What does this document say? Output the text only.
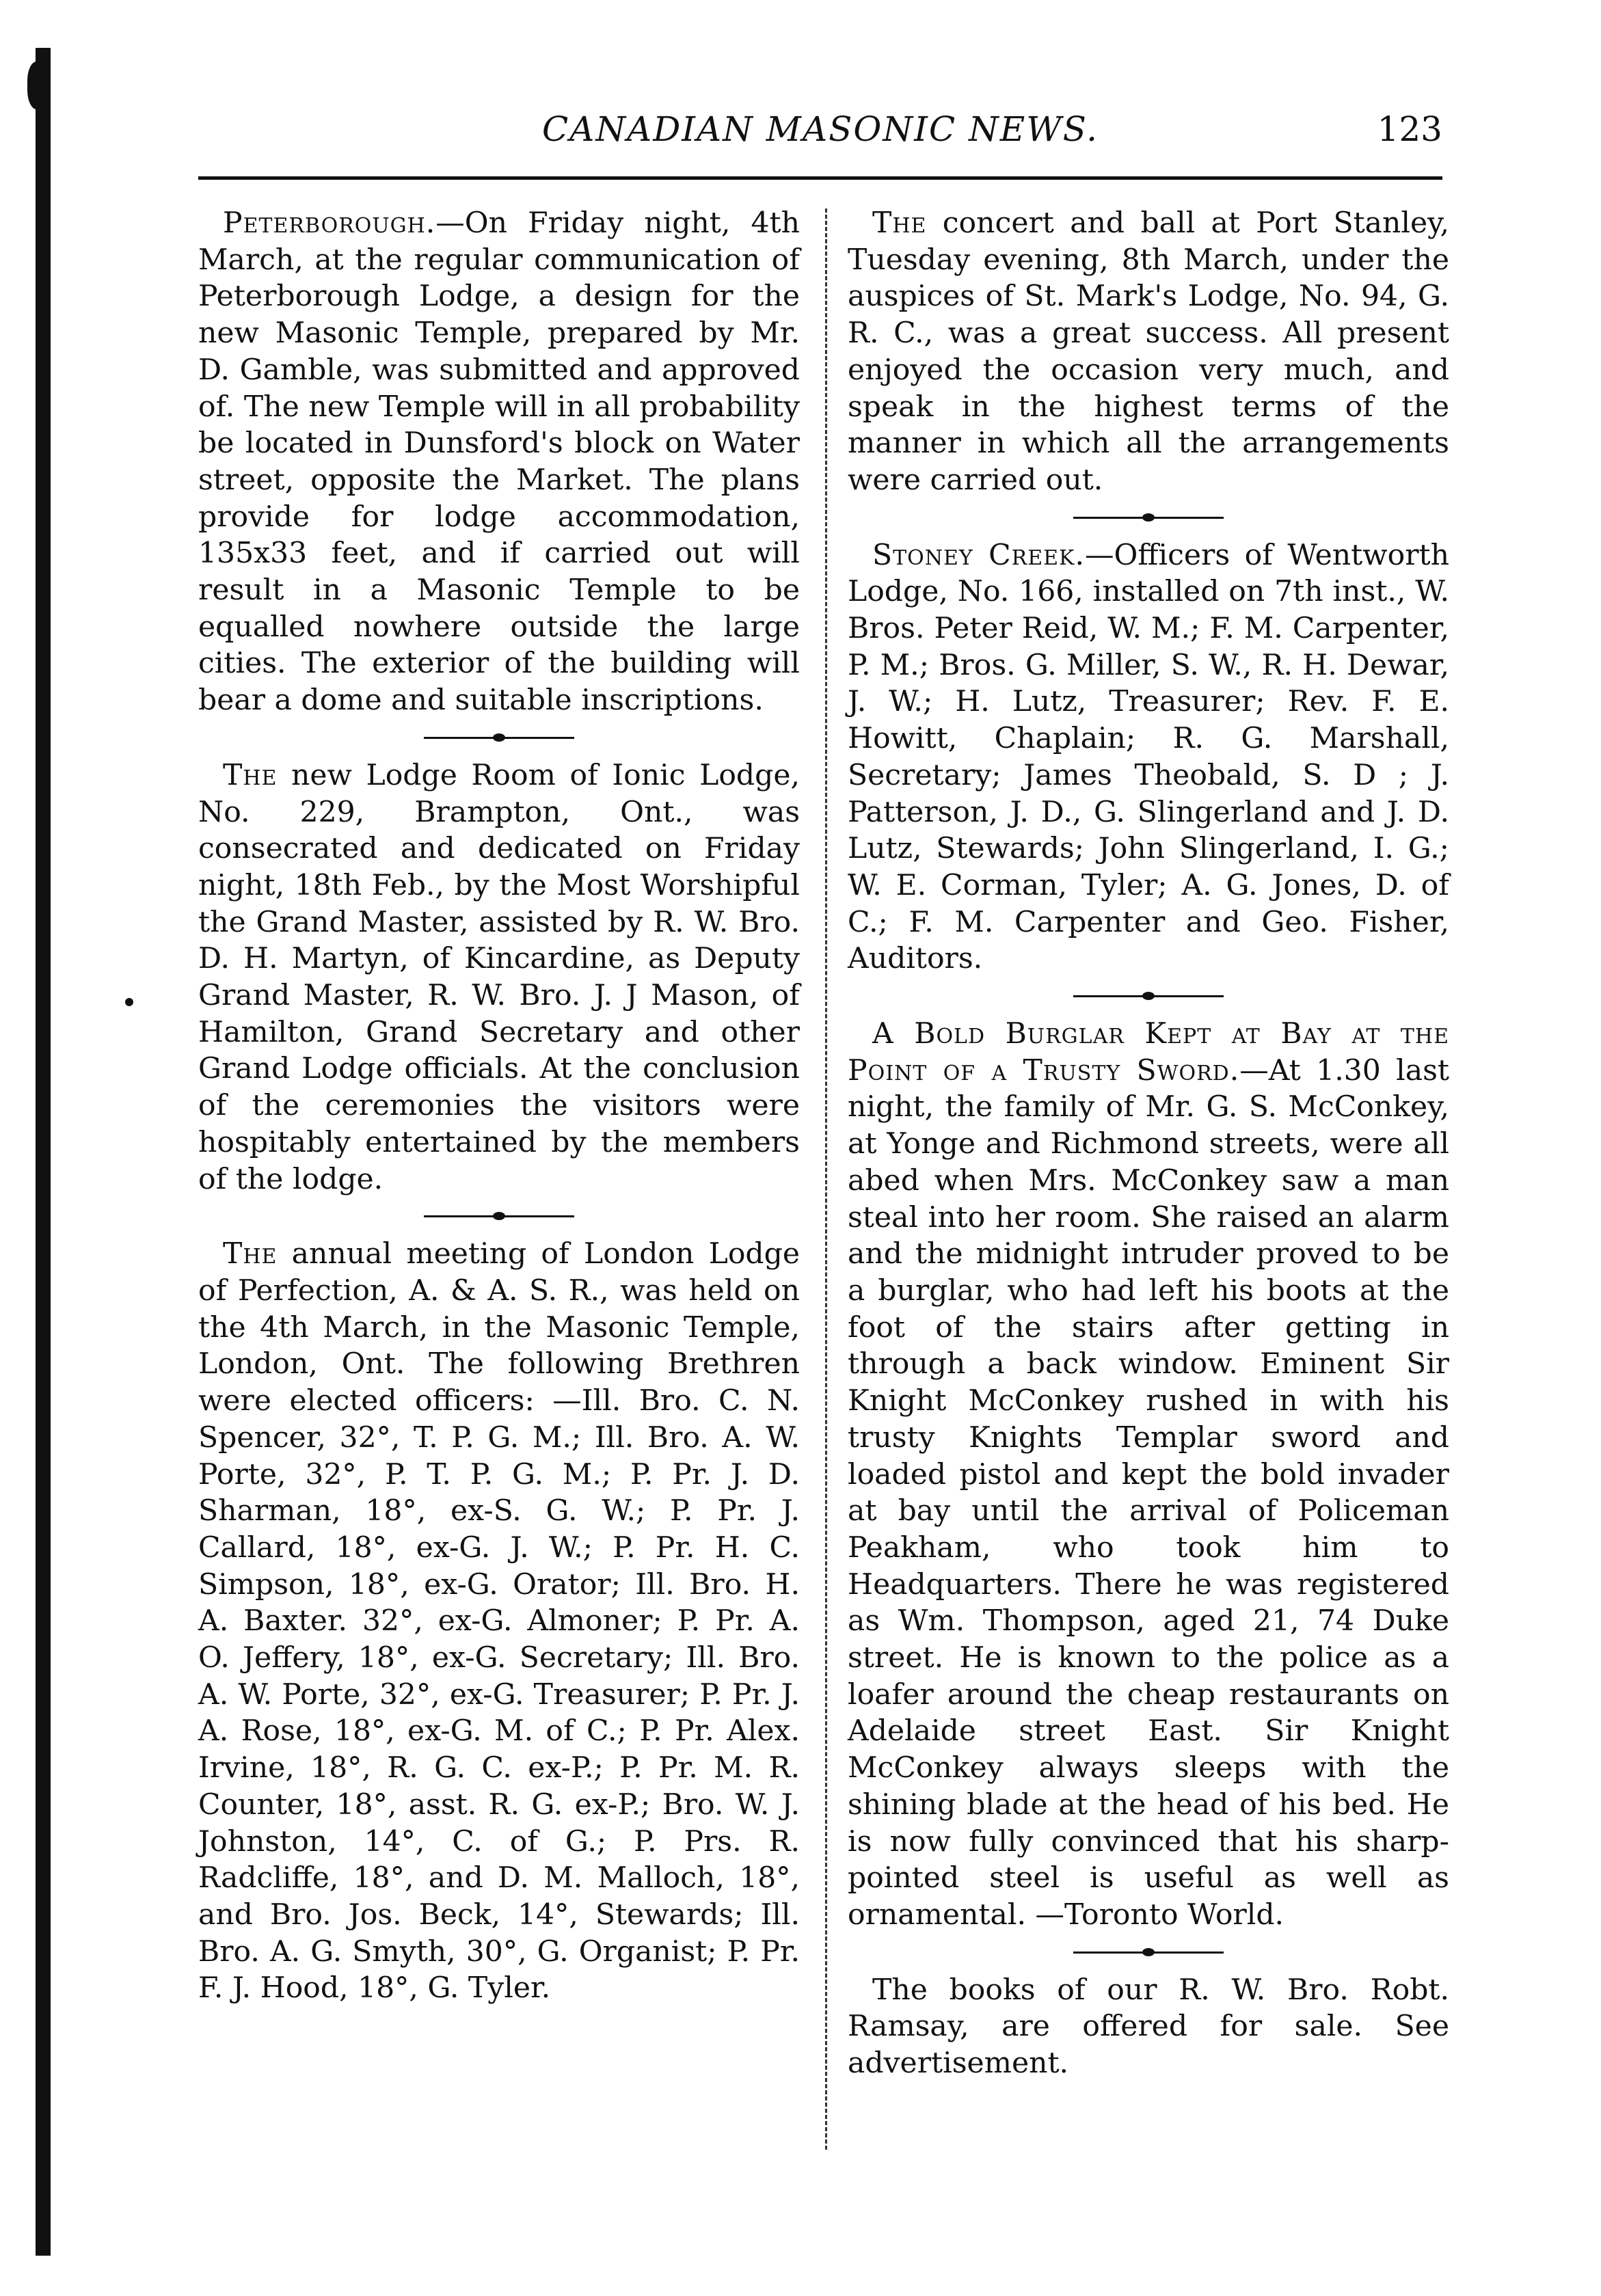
CANADIAN MASONIC NEWS.	123

Peterborough.—On Friday night, 4th March, at the regular communication of Peterborough Lodge, a design for the new Masonic Temple, prepared by Mr. D. Gamble, was submitted and approved of. The new Temple will in all probability be located in Dunsford's block on Water street, opposite the Market. The plans provide for lodge accommodation, 135x33 feet, and if carried out will result in a Masonic Temple to be equalled nowhere outside the large cities. The exterior of the building will bear a dome and suitable inscriptions.

The new Lodge Room of Ionic Lodge, No. 229, Brampton, Ont., was consecrated and dedicated on Friday night, 18th Feb., by the Most Worshipful the Grand Master, assisted by R. W. Bro. D. H. Martyn, of Kincardine, as Deputy Grand Master, R. W. Bro. J. J Mason, of Hamilton, Grand Secretary and other Grand Lodge officials. At the conclusion of the ceremonies the visitors were hospitably entertained by the members of the lodge.

The annual meeting of London Lodge of Perfection, A. & A. S. R., was held on the 4th March, in the Masonic Temple, London, Ont. The following Brethren were elected officers: —Ill. Bro. C. N. Spencer, 32°, T. P. G. M.; Ill. Bro. A. W. Porte, 32°, P. T. P. G. M.; P. Pr. J. D. Sharman, 18°, ex-S. G. W.; P. Pr. J. Callard, 18°, ex-G. J. W.; P. Pr. H. C. Simpson, 18°, ex-G. Orator; Ill. Bro. H. A. Baxter. 32°, ex-G. Almoner; P. Pr. A. O. Jeffery, 18°, ex-G. Secretary; Ill. Bro. A. W. Porte, 32°, ex-G. Treasurer; P. Pr. J. A. Rose, 18°, ex-G. M. of C.; P. Pr. Alex. Irvine, 18°, R. G. C. ex-P.; P. Pr. M. R. Counter, 18°, asst. R. G. ex-P.; Bro. W. J. Johnston, 14°, C. of G.; P. Prs. R. Radcliffe, 18°, and D. M. Malloch, 18°, and Bro. Jos. Beck, 14°, Stewards; Ill. Bro. A. G. Smyth, 30°, G. Organist; P. Pr. F. J. Hood, 18°, G. Tyler.

The concert and ball at Port Stanley, Tuesday evening, 8th March, under the auspices of St. Mark's Lodge, No. 94, G. R. C., was a great success. All present enjoyed the occasion very much, and speak in the highest terms of the manner in which all the arrangements were carried out.

Stoney Creek.—Officers of Wentworth Lodge, No. 166, installed on 7th inst., W. Bros. Peter Reid, W. M.; F. M. Carpenter, P. M.; Bros. G. Miller, S. W., R. H. Dewar, J. W.; H. Lutz, Treasurer; Rev. F. E. Howitt, Chaplain; R. G. Marshall, Secretary; James Theobald, S. D ; J. Patterson, J. D., G. Slingerland and J. D. Lutz, Stewards; John Slingerland, I. G.; W. E. Corman, Tyler; A. G. Jones, D. of C.; F. M. Carpenter and Geo. Fisher, Auditors.

A Bold Burglar Kept at Bay at the Point of a Trusty Sword.—At 1.30 last night, the family of Mr. G. S. McConkey, at Yonge and Richmond streets, were all abed when Mrs. McConkey saw a man steal into her room. She raised an alarm and the midnight intruder proved to be a burglar, who had left his boots at the foot of the stairs after getting in through a back window. Eminent Sir Knight McConkey rushed in with his trusty Knights Templar sword and loaded pistol and kept the bold invader at bay until the arrival of Policeman Peakham, who took him to Headquarters. There he was registered as Wm. Thompson, aged 21, 74 Duke street. He is known to the police as a loafer around the cheap restaurants on Adelaide street East. Sir Knight McConkey always sleeps with the shining blade at the head of his bed. He is now fully convinced that his sharp-pointed steel is useful as well as ornamental. —Toronto World.

The books of our R. W. Bro. Robt. Ramsay, are offered for sale. See advertisement.
